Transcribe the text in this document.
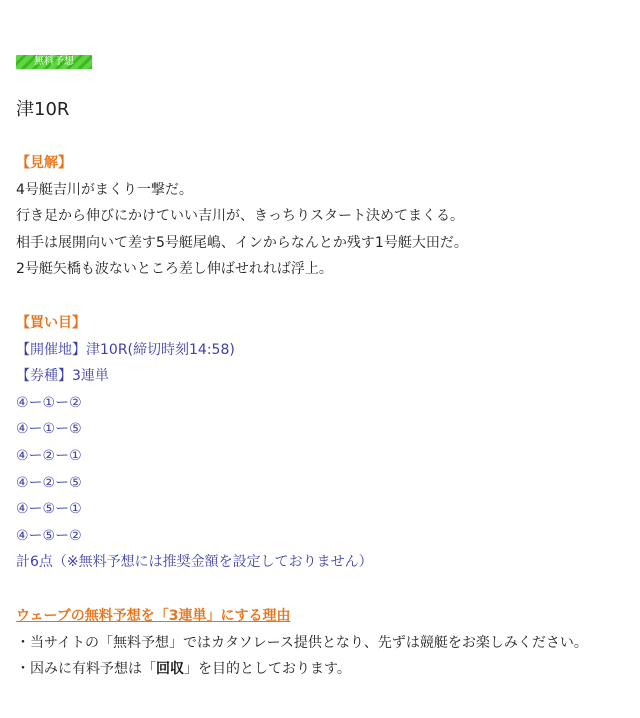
無料予想
津10R
【見解】
4号艇吉川がまくり一撃だ。
行き足から伸びにかけていい吉川が、きっちりスタート決めてまくる。
相手は展開向いて差す5号艇尾嶋、インからなんとか残す1号艇大田だ。
2号艇矢橋も波ないところ差し伸ばせれれば浮上。
【買い目】
【開催地】津10R(締切時刻14:58)
【券種】3連単
④ー①ー②
④ー①ー⑤
④ー②ー①
④ー②ー⑤
④ー⑤ー①
④ー⑤ー②
計6点（※無料予想には推奨金額を設定しておりません）
ウェーブの無料予想を「3連単」にする理由
・当サイトの「無料予想」ではカタソレース提供となり、先ずは競艇をお楽しみください。
・因みに有料予想は「回収」を目的としております。
